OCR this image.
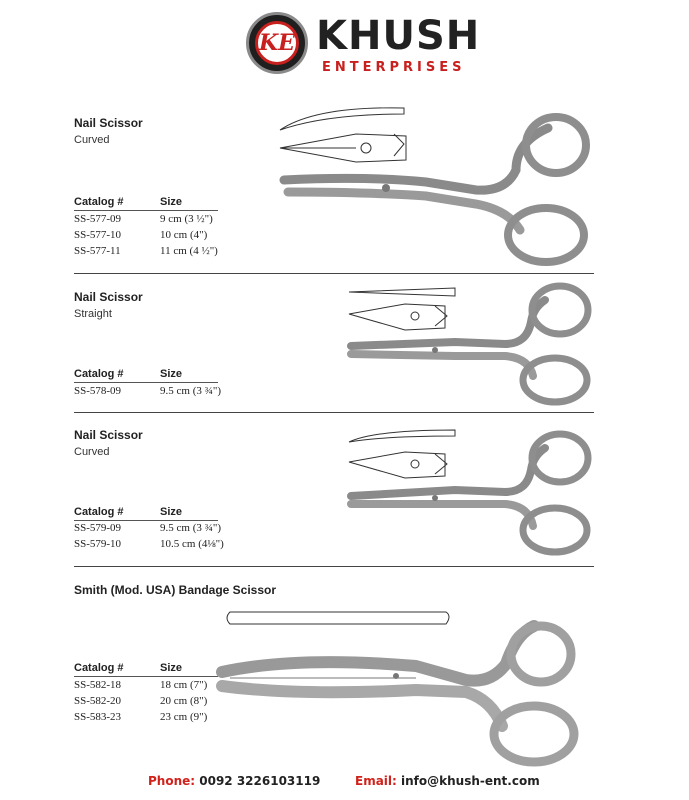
KE KHUSH
ENTERPRISES
Nail Scissor
Curved
Catalog #	Size
SS-577-09	9 cm (3 ½")
SS-577-10	10 cm (4")
SS-577-11	11 cm (4 ½")
Nail Scissor
Straight
Catalog #	Size
SS-578-09	9.5 cm (3 ¾")
Nail Scissor
Curved
Catalog #	Size
SS-579-09	9.5 cm (3 ¾")
SS-579-10	10.5 cm (4⅛")
Smith (Mod. USA) Bandage Scissor
Catalog #	Size
SS-582-18	18 cm (7")
SS-582-20	20 cm (8")
SS-583-23	23 cm (9")
Phone: 0092 3226103119	Email: info@khush-ent.com
